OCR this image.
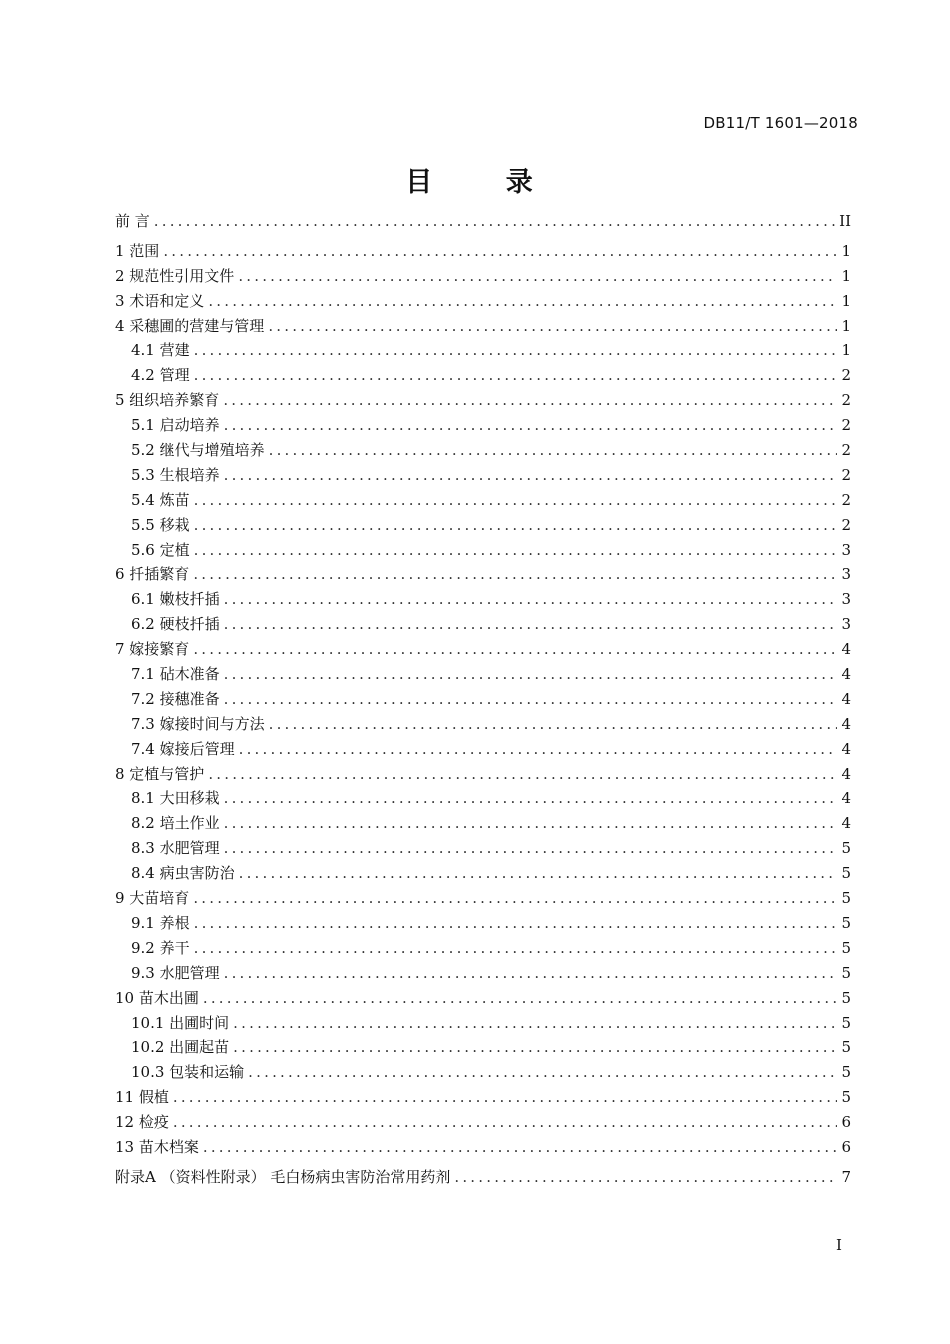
DB11/T 1601—2018
目 录
前 言 .....	II
1 范围 .....	1
2 规范性引用文件 .....	1
3 术语和定义 .....	1
4 采穗圃的营建与管理 .....	1
4.1 营建 .....	1
4.2 管理 .....	2
5 组织培养繁育 .....	2
5.1 启动培养 .....	2
5.2 继代与增殖培养 .....	2
5.3 生根培养 .....	2
5.4 炼苗 .....	2
5.5 移栽 .....	2
5.6 定植 .....	3
6 扦插繁育 .....	3
6.1 嫩枝扦插 .....	3
6.2 硬枝扦插 .....	3
7 嫁接繁育 .....	4
7.1 砧木准备 .....	4
7.2 接穗准备 .....	4
7.3 嫁接时间与方法 .....	4
7.4 嫁接后管理 .....	4
8 定植与管护 .....	4
8.1 大田移栽 .....	4
8.2 培土作业 .....	4
8.3 水肥管理 .....	5
8.4 病虫害防治 .....	5
9 大苗培育 .....	5
9.1 养根 .....	5
9.2 养干 .....	5
9.3 水肥管理 .....	5
10 苗木出圃 .....	5
10.1 出圃时间 .....	5
10.2 出圃起苗 .....	5
10.3 包装和运输 .....	5
11 假植 .....	5
12 检疫 .....	6
13 苗木档案 .....	6
附录A （资料性附录） 毛白杨病虫害防治常用药剂 .....	7
I
